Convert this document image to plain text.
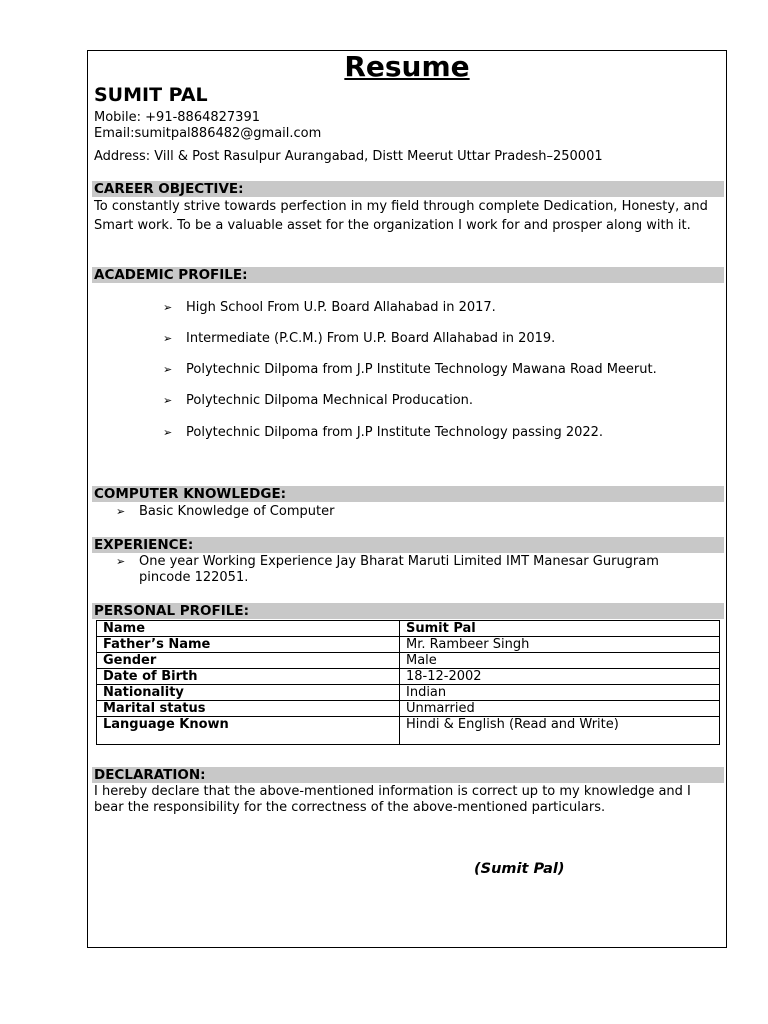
Resume
SUMIT PAL
Mobile: +91-8864827391
Email:sumitpal886482@gmail.com
Address: Vill & Post Rasulpur Aurangabad, Distt Meerut Uttar Pradesh–250001
CAREER OBJECTIVE:
To constantly strive towards perfection in my field through complete Dedication, Honesty, and Smart work. To be a valuable asset for the organization I work for and prosper along with it.
ACADEMIC PROFILE:
➢ High School From U.P. Board Allahabad in 2017.
➢ Intermediate (P.C.M.) From U.P. Board Allahabad in 2019.
➢ Polytechnic Dilpoma from J.P Institute Technology Mawana Road Meerut.
➢ Polytechnic Dilpoma Mechnical Producation.
➢ Polytechnic Dilpoma from J.P Institute Technology passing 2022.
COMPUTER KNOWLEDGE:
➢ Basic Knowledge of Computer
EXPERIENCE:
➢ One year Working Experience Jay Bharat Maruti Limited IMT Manesar Gurugram
pincode 122051.
PERSONAL PROFILE:
Name	Sumit Pal
Father’s Name	Mr. Rambeer Singh
Gender	Male
Date of Birth	18-12-2002
Nationality	Indian
Marital status	Unmarried
Language Known	Hindi & English (Read and Write)
DECLARATION:
I hereby declare that the above-mentioned information is correct up to my knowledge and I bear the responsibility for the correctness of the above-mentioned particulars.
(Sumit Pal)
